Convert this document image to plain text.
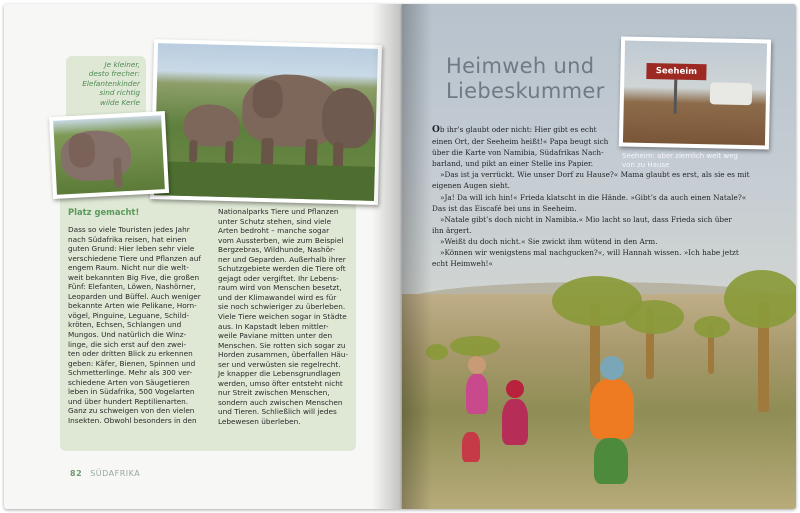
Je kleiner,
desto frecher:
Elefantenkinder
sind richtig
wilde Kerle
Platz gemacht!

Dass so viele Touristen jedes Jahr

nach Südafrika reisen, hat einen

guten Grund: Hier leben sehr viele

verschiedene Tiere und Pflanzen auf

engem Raum. Nicht nur die welt-

weit bekannten Big Five, die großen

Fünf: Elefanten, Löwen, Nashörner,

Leoparden und Büffel. Auch weniger

bekannte Arten wie Pelikane, Horn-

vögel, Pinguine, Leguane, Schild-

kröten, Echsen, Schlangen und

Mungos. Und natürlich die Winz-

linge, die sich erst auf den zwei-

ten oder dritten Blick zu erkennen

geben: Käfer, Bienen, Spinnen und

Schmetterlinge. Mehr als 300 ver-

schiedene Arten von Säugetieren

leben in Südafrika, 500 Vogelarten

und über hundert Reptilienarten.

Ganz zu schweigen von den vielen

Insekten. Obwohl besonders in den

Nationalparks Tiere und Pflanzen

unter Schutz stehen, sind viele

Arten bedroht – manche sogar

vom Aussterben, wie zum Beispiel

Bergzebras, Wildhunde, Nashör-

ner und Geparden. Außerhalb ihrer

Schutzgebiete werden die Tiere oft

gejagt oder vergiftet. Ihr Lebens-

raum wird von Menschen besetzt,

und der Klimawandel wird es für

sie noch schwieriger zu überleben.

Viele Tiere weichen sogar in Städte

aus. In Kapstadt leben mittler-

weile Paviane mitten unter den

Menschen. Sie rotten sich sogar zu

Horden zusammen, überfallen Häu-

ser und verwüsten sie regelrecht.

Je knapper die Lebensgrundlagen

werden, umso öfter entsteht nicht

nur Streit zwischen Menschen,

sondern auch zwischen Menschen

und Tieren. Schließlich will jedes

Lebewesen überleben.

82 SÜDAFRIKA
Heimweh und
Liebeskummer
Seeheim
Seeheim: aber ziemlich weit weg
von zu Hause

Ob ihr’s glaubt oder nicht: Hier gibt es echt

einen Ort, der Seeheim heißt!« Papa beugt sich

über die Karte von Namibia, Südafrikas Nach-

barland, und pikt an einer Stelle ins Papier.

»Das ist ja verrückt. Wie unser Dorf zu Hause?« Mama glaubt es erst, als sie es mit

eigenen Augen sieht.

»Ja! Da will ich hin!« Frieda klatscht in die Hände. »Gibt’s da auch einen Natale?«

Das ist das Eiscafé bei uns in Seeheim.

»Natale gibt’s doch nicht in Namibia.« Mio lacht so laut, dass Frieda sich über

ihn ärgert.

»Weißt du doch nicht.« Sie zwickt ihm wütend in den Arm.

»Können wir wenigstens mal nachgucken?«, will Hannah wissen. »Ich habe jetzt

echt Heimweh!«
